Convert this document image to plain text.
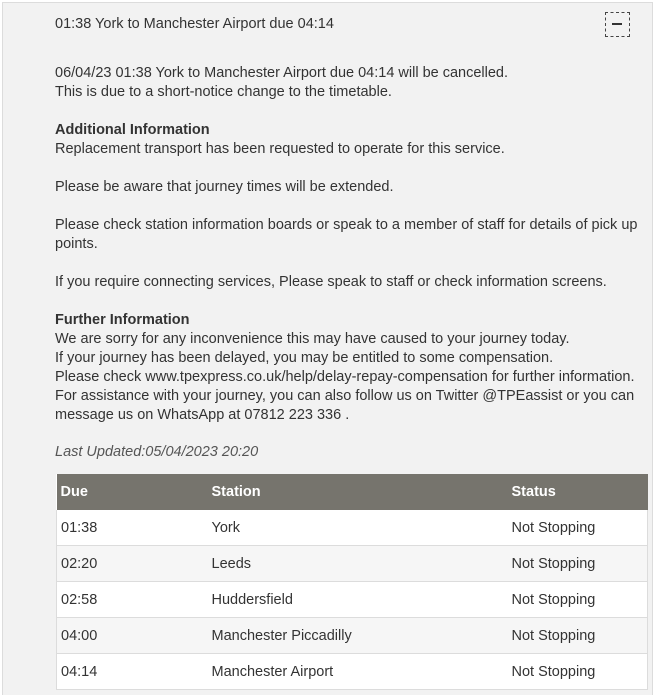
01:38 York to Manchester Airport due 04:14

06/04/23 01:38 York to Manchester Airport due 04:14 will be cancelled.
This is due to a short-notice change to the timetable.

Additional Information
Replacement transport has been requested to operate for this service.

Please be aware that journey times will be extended.

Please check station information boards or speak to a member of staff for details of pick up points.

If you require connecting services, Please speak to staff or check information screens.

Further Information
We are sorry for any inconvenience this may have caused to your journey today.
If your journey has been delayed, you may be entitled to some compensation.
Please check www.tpexpress.co.uk/help/delay-repay-compensation for further information.
For assistance with your journey, you can also follow us on Twitter @TPEassist or you can message us on WhatsApp at 07812 223 336 .

Last Updated:05/04/2023 20:20
Due	Station	Status
01:38	York	Not Stopping
02:20	Leeds	Not Stopping
02:58	Huddersfield	Not Stopping
04:00	Manchester Piccadilly	Not Stopping
04:14	Manchester Airport	Not Stopping
